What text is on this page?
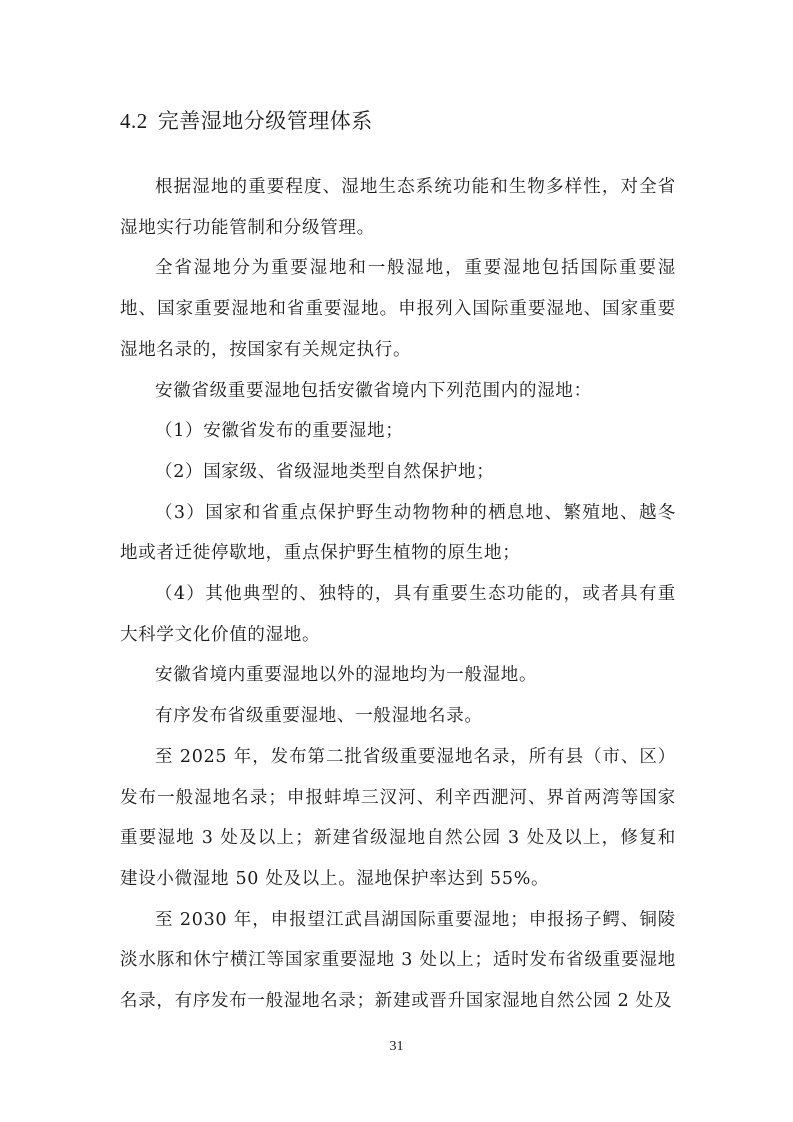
4.2 完善湿地分级管理体系

根据湿地的重要程度、湿地生态系统功能和生物多样性，对全省湿地实行功能管制和分级管理。

全省湿地分为重要湿地和一般湿地，重要湿地包括国际重要湿地、国家重要湿地和省重要湿地。申报列入国际重要湿地、国家重要湿地名录的，按国家有关规定执行。

安徽省级重要湿地包括安徽省境内下列范围内的湿地：

（1）安徽省发布的重要湿地；

（2）国家级、省级湿地类型自然保护地；

（3）国家和省重点保护野生动物物种的栖息地、繁殖地、越冬地或者迁徙停歇地，重点保护野生植物的原生地；

（4）其他典型的、独特的，具有重要生态功能的，或者具有重大科学文化价值的湿地。

安徽省境内重要湿地以外的湿地均为一般湿地。

有序发布省级重要湿地、一般湿地名录。

至 2025 年，发布第二批省级重要湿地名录，所有县（市、区）发布一般湿地名录；申报蚌埠三汊河、利辛西淝河、界首两湾等国家重要湿地 3 处及以上；新建省级湿地自然公园 3 处及以上，修复和建设小微湿地 50 处及以上。湿地保护率达到 55%。

至 2030 年，申报望江武昌湖国际重要湿地；申报扬子鳄、铜陵淡水豚和休宁横江等国家重要湿地 3 处以上；适时发布省级重要湿地名录，有序发布一般湿地名录；新建或晋升国家湿地自然公园 2 处及

31
